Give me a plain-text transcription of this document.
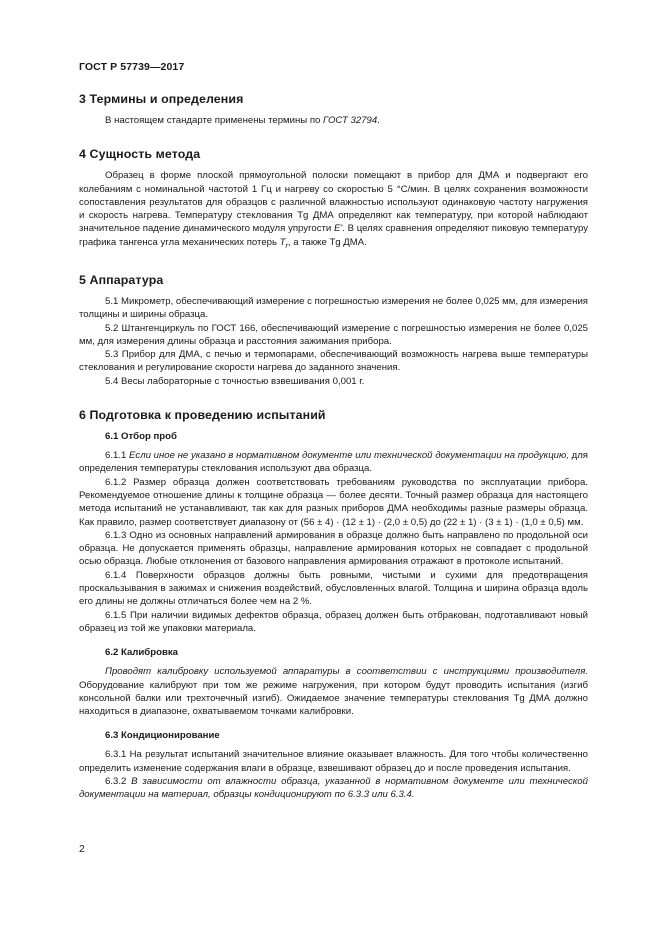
ГОСТ Р 57739—2017
3 Термины и определения

В настоящем стандарте применены термины по ГОСТ 32794.

4 Сущность метода

Образец в форме плоской прямоугольной полоски помещают в прибор для ДМА и подвергают его колебаниям с номинальной частотой 1 Гц и нагреву со скоростью 5 °С/мин. В целях сохранения возможности сопоставления результатов для образцов с различной влажностью используют одинаковую частоту нагружения и скорость нагрева. Температуру стеклования Tg ДМА определяют как температуру, при которой наблюдают значительное падение динамического модуля упругости E'. В целях сравнения определяют пиковую температуру графика тангенса угла механических потерь $T_r$, а также Tg ДМА.

5 Аппаратура

5.1 Микрометр, обеспечивающий измерение с погрешностью измерения не более 0,025 мм, для измерения толщины и ширины образца.

5.2 Штангенциркуль по ГОСТ 166, обеспечивающий измерение с погрешностью измерения не более 0,025 мм, для измерения длины образца и расстояния зажимания прибора.

5.3 Прибор для ДМА, с печью и термопарами, обеспечивающий возможность нагрева выше температуры стеклования и регулирование скорости нагрева до заданного значения.

5.4 Весы лабораторные с точностью взвешивания 0,001 г.

6 Подготовка к проведению испытаний
6.1 Отбор проб

6.1.1 Если иное не указано в нормативном документе или технической документации на продукцию, для определения температуры стеклования используют два образца.

6.1.2 Размер образца должен соответствовать требованиям руководства по эксплуатации прибора. Рекомендуемое отношение длины к толщине образца — более десяти. Точный размер образца для настоящего метода испытаний не устанавливают, так как для разных приборов ДМА необходимы разные размеры образца. Как правило, размер соответствует диапазону от (56 ± 4) · (12 ± 1) · (2,0 ± 0,5) до (22 ± 1) · (3 ± 1) · (1,0 ± 0,5) мм.

6.1.3 Одно из основных направлений армирования в образце должно быть направлено по продольной оси образца. Не допускается применять образцы, направление армирования которых не совпадает с продольной осью образца. Любые отклонения от базового направления армирования отражают в протоколе испытаний.

6.1.4 Поверхности образцов должны быть ровными, чистыми и сухими для предотвращения проскальзывания в зажимах и снижения воздействий, обусловленных влагой. Толщина и ширина образца вдоль его длины не должны отличаться более чем на 2 %.

6.1.5 При наличии видимых дефектов образца, образец должен быть отбракован, подготавливают новый образец из той же упаковки материала.

6.2 Калибровка

Проводят калибровку используемой аппаратуры в соответствии с инструкциями производителя. Оборудование калибруют при том же режиме нагружения, при котором будут проводить испытания (изгиб консольной балки или трехточечный изгиб). Ожидаемое значение температуры стеклования Tg ДМА должно находиться в диапазоне, охватываемом точками калибровки.

6.3 Кондиционирование

6.3.1 На результат испытаний значительное влияние оказывает влажность. Для того чтобы количественно определить изменение содержания влаги в образце, взвешивают образец до и после проведения испытания.

6.3.2 В зависимости от влажности образца, указанной в нормативном документе или технической документации на материал, образцы кондиционируют по 6.3.3 или 6.3.4.

2
